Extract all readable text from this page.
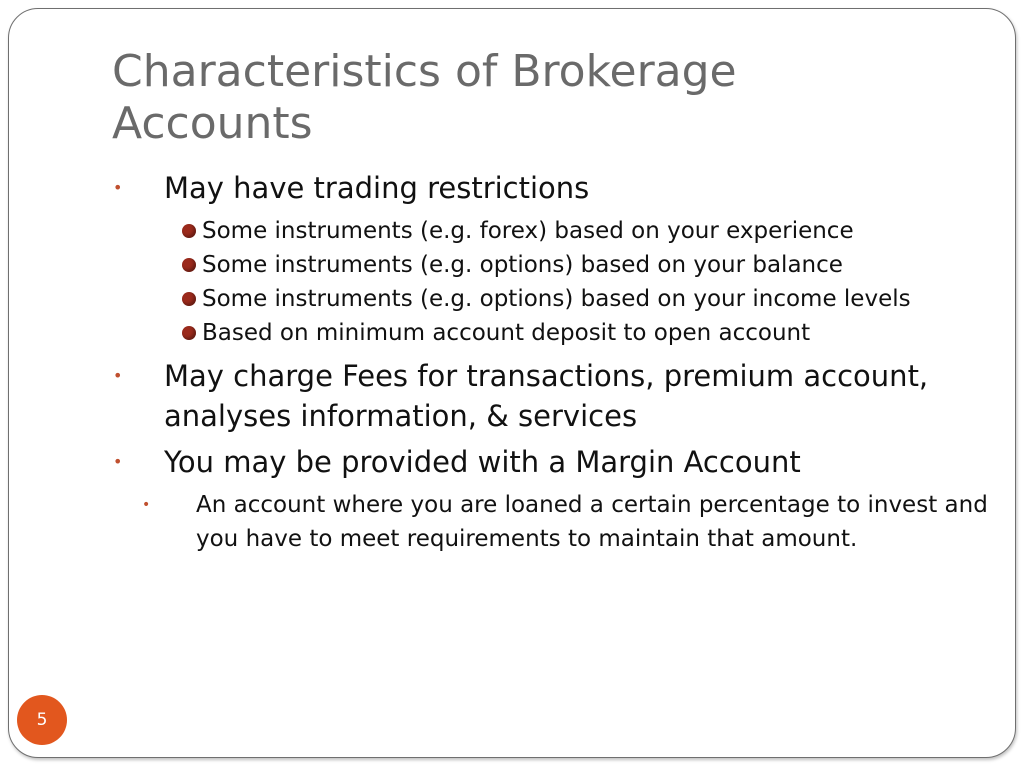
Characteristics of Brokerage Accounts
• May have trading restrictions
Some instruments (e.g. forex) based on your experience
Some instruments (e.g. options) based on your balance
Some instruments (e.g. options) based on your income levels
Based on minimum account deposit to open account
• May charge Fees for transactions, premium account, analyses information, & services
• You may be provided with a Margin Account
• An account where you are loaned a certain percentage to invest and you have to meet requirements to maintain that amount.
5
